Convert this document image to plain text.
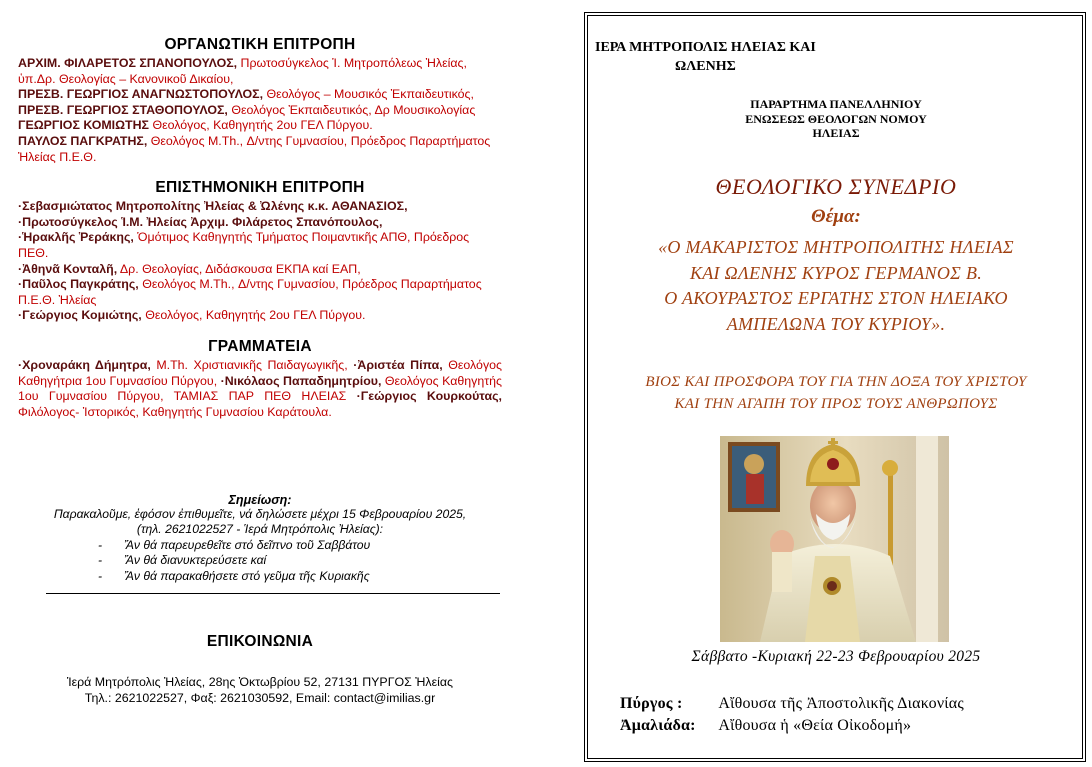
ΟΡΓΑΝΩΤΙΚΗ ΕΠΙΤΡΟΠΗ
ΑΡΧΙΜ. ΦΙΛΑΡΕΤΟΣ ΣΠΑΝΟΠΟΥΛΟΣ, Πρωτοσύγκελος Ἱ. Μητροπόλεως Ἠλείας, ὑπ.Δρ. Θεολογίας – Κανονικοῦ Δικαίου,
ΠΡΕΣΒ. ΓΕΩΡΓΙΟΣ ΑΝΑΓΝΩΣΤΟΠΟΥΛΟΣ, Θεολόγος – Μουσικός Ἐκπαιδευτικός,
ΠΡΕΣΒ. ΓΕΩΡΓΙΟΣ ΣΤΑΘΟΠΟΥΛΟΣ, Θεολόγος Ἐκπαιδευτικός, Δρ Μουσικολογίας
ΓΕΩΡΓΙΟΣ ΚΟΜΙΩΤΗΣ Θεολόγος, Καθηγητής 2ου ΓΕΛ Πύργου.
ΠΑΥΛΟΣ ΠΑΓΚΡΑΤΗΣ, Θεολόγος Μ.Th., Δ/ντης Γυμνασίου, Πρόεδρος Παραρτήματος Ἠλείας Π.Ε.Θ.
ΕΠΙΣΤΗΜΟΝΙΚΗ ΕΠΙΤΡΟΠΗ
· Σεβασμιώτατος Μητροπολίτης Ἠλείας & Ὠλένης κ.κ. ΑΘΑΝΑΣΙΟΣ,
· Πρωτοσύγκελος Ἱ.Μ. Ἠλείας Ἀρχιμ. Φιλάρετος Σπανόπουλος,
· Ἡρακλῆς Ῥεράκης, Ὁμότιμος Καθηγητής Τμήματος Ποιμαντικῆς ΑΠΘ, Πρόεδρος ΠΕΘ.
· Ἀθηνᾶ Κονταλῆ, Δρ. Θεολογίας, Διδάσκουσα ΕΚΠΑ καί ΕΑΠ,
· Παῦλος Παγκράτης, Θεολόγος Μ.Th., Δ/ντης Γυμνασίου, Πρόεδρος Παραρτήματος Π.Ε.Θ. Ἠλείας
· Γεώργιος Κομιώτης, Θεολόγος, Καθηγητής 2ου ΓΕΛ Πύργου.
ΓΡΑΜΜΑΤΕΙΑ
· Χροναράκη Δήμητρα, Μ.Th. Χριστιανικῆς Παιδαγωγικῆς, · Ἀριστέα Πίπα, Θεολόγος Καθηγήτρια 1ου Γυμνασίου Πύργου, · Νικόλαος Παπαδημητρίου, Θεολόγος Καθηγητής 1ου Γυμνασίου Πύργου, ΤΑΜΙΑΣ ΠΑΡ ΠΕΘ ΗΛΕΙΑΣ · Γεώργιος Κουρκούτας, Φιλόλογος- Ἱστορικός, Καθηγητής Γυμνασίου Καράτουλα.
Σημείωση:
Παρακαλοῦμε, ἐφόσον ἐπιθυμεῖτε, νά δηλώσετε μέχρι 15 Φεβρουαρίου 2025,
(τηλ. 2621022527 - Ἱερά Μητρόπολις Ἠλείας):
- Ἄν θά παρευρεθεῖτε στό δεῖπνο τοῦ Σαββάτου
- Ἄν θά διανυκτερεύσετε καί
- Ἄν θά παρακαθήσετε στό γεῦμα τῆς Κυριακῆς
ΕΠΙΚΟΙΝΩΝΙΑ
Ἱερά Μητρόπολις Ἠλείας, 28ης Ὀκτωβρίου 52, 27131 ΠΥΡΓΟΣ Ἠλείας
Τηλ.: 2621022527, Φαξ: 2621030592, Email: contact@imilias.gr
ΙΕΡΑ ΜΗΤΡΟΠΟΛΙΣ ΗΛΕΙΑΣ ΚΑΙ
ΩΛΕΝΗΣ
ΠΑΡΑΡΤΗΜΑ ΠΑΝΕΛΛΗΝΙΟΥ
ΕΝΩΣΕΩΣ ΘΕΟΛΟΓΩΝ ΝΟΜΟΥ
ΗΛΕΙΑΣ
ΘΕΟΛΟΓΙΚΟ ΣΥΝΕΔΡΙΟ
Θέμα:
«Ο ΜΑΚΑΡΙΣΤΟΣ ΜΗΤΡΟΠΟΛΙΤΗΣ ΗΛΕΙΑΣ
ΚΑΙ ΩΛΕΝΗΣ ΚΥΡΟΣ ΓΕΡΜΑΝΟΣ Β.
Ο ΑΚΟΥΡΑΣΤΟΣ ΕΡΓΑΤΗΣ ΣΤΟΝ ΗΛΕΙΑΚΟ
ΑΜΠΕΛΩΝΑ ΤΟΥ ΚΥΡΙΟΥ».
ΒΙΟΣ ΚΑΙ ΠΡΟΣΦΟΡΑ ΤΟΥ ΓΙΑ ΤΗΝ ΔΟΞΑ ΤΟΥ ΧΡΙΣΤΟΥ
ΚΑΙ ΤΗΝ ΑΓΑΠΗ ΤΟΥ ΠΡΟΣ ΤΟΥΣ ΑΝΘΡΩΠΟΥΣ
Σάββατο -Κυριακή 22-23 Φεβρουαρίου 2025
Πύργος : Αἴθουσα τῆς Ἀποστολικῆς Διακονίας
Ἀμαλιάδα: Αἴθουσα ἡ «Θεία Οἰκοδομή»
